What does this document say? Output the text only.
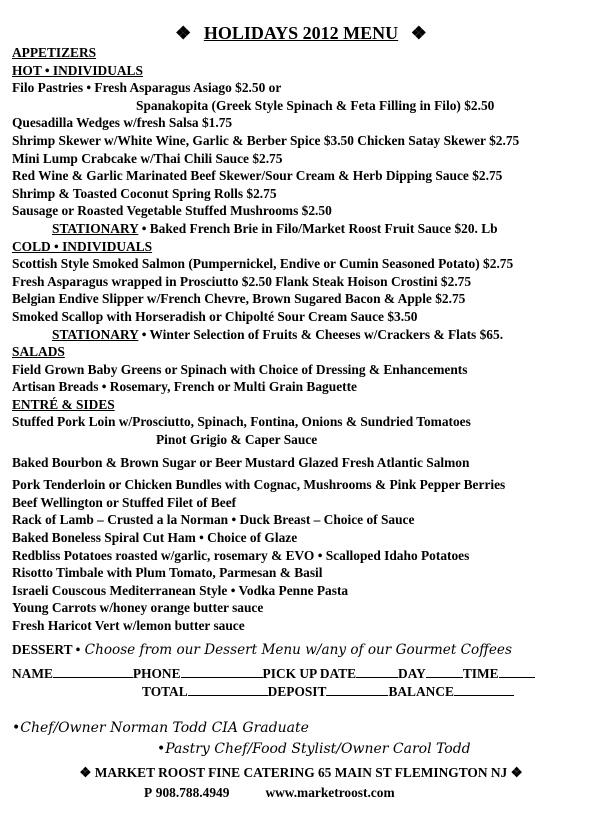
❖ HOLIDAYS 2012 MENU ❖
APPETIZERS
HOT • INDIVIDUALS
Filo Pastries • Fresh Asparagus Asiago $2.50 or
Spanakopita (Greek Style Spinach & Feta Filling in Filo) $2.50
Quesadilla Wedges w/fresh Salsa $1.75
Shrimp Skewer w/White Wine, Garlic & Berber Spice $3.50 Chicken Satay Skewer $2.75
Mini Lump Crabcake w/Thai Chili Sauce $2.75
Red Wine & Garlic Marinated Beef Skewer/Sour Cream & Herb Dipping Sauce $2.75
Shrimp & Toasted Coconut Spring Rolls $2.75
Sausage or Roasted Vegetable Stuffed Mushrooms $2.50
STATIONARY • Baked French Brie in Filo/Market Roost Fruit Sauce $20. Lb
COLD • INDIVIDUALS
Scottish Style Smoked Salmon (Pumpernickel, Endive or Cumin Seasoned Potato) $2.75
Fresh Asparagus wrapped in Prosciutto $2.50 Flank Steak Hoison Crostini $2.75
Belgian Endive Slipper w/French Chevre, Brown Sugared Bacon & Apple $2.75
Smoked Scallop with Horseradish or Chipolté Sour Cream Sauce $3.50
STATIONARY • Winter Selection of Fruits & Cheeses w/Crackers & Flats $65.
SALADS
Field Grown Baby Greens or Spinach with Choice of Dressing & Enhancements
Artisan Breads • Rosemary, French or Multi Grain Baguette
ENTRÉ & SIDES
Stuffed Pork Loin w/Prosciutto, Spinach, Fontina, Onions & Sundried Tomatoes
Pinot Grigio & Caper Sauce
Baked Bourbon & Brown Sugar or Beer Mustard Glazed Fresh Atlantic Salmon
Pork Tenderloin or Chicken Bundles with Cognac, Mushrooms & Pink Pepper Berries
Beef Wellington or Stuffed Filet of Beef
Rack of Lamb – Crusted a la Norman • Duck Breast – Choice of Sauce
Baked Boneless Spiral Cut Ham • Choice of Glaze
Redbliss Potatoes roasted w/garlic, rosemary & EVO • Scalloped Idaho Potatoes
Risotto Timbale with Plum Tomato, Parmesan & Basil
Israeli Couscous Mediterranean Style • Vodka Penne Pasta
Young Carrots w/honey orange butter sauce
Fresh Haricot Vert w/lemon butter sauce
DESSERT • Choose from our Dessert Menu w/any of our Gourmet Coffees
NAME	PHONE	PICK UP DATE	DAY	TIME
TOTAL	DEPOSIT	BALANCE
•Chef/Owner Norman Todd CIA Graduate
•Pastry Chef/Food Stylist/Owner Carol Todd
❖ MARKET ROOST FINE CATERING 65 MAIN ST FLEMINGTON NJ ❖
P 908.788.4949	www.marketroost.com
